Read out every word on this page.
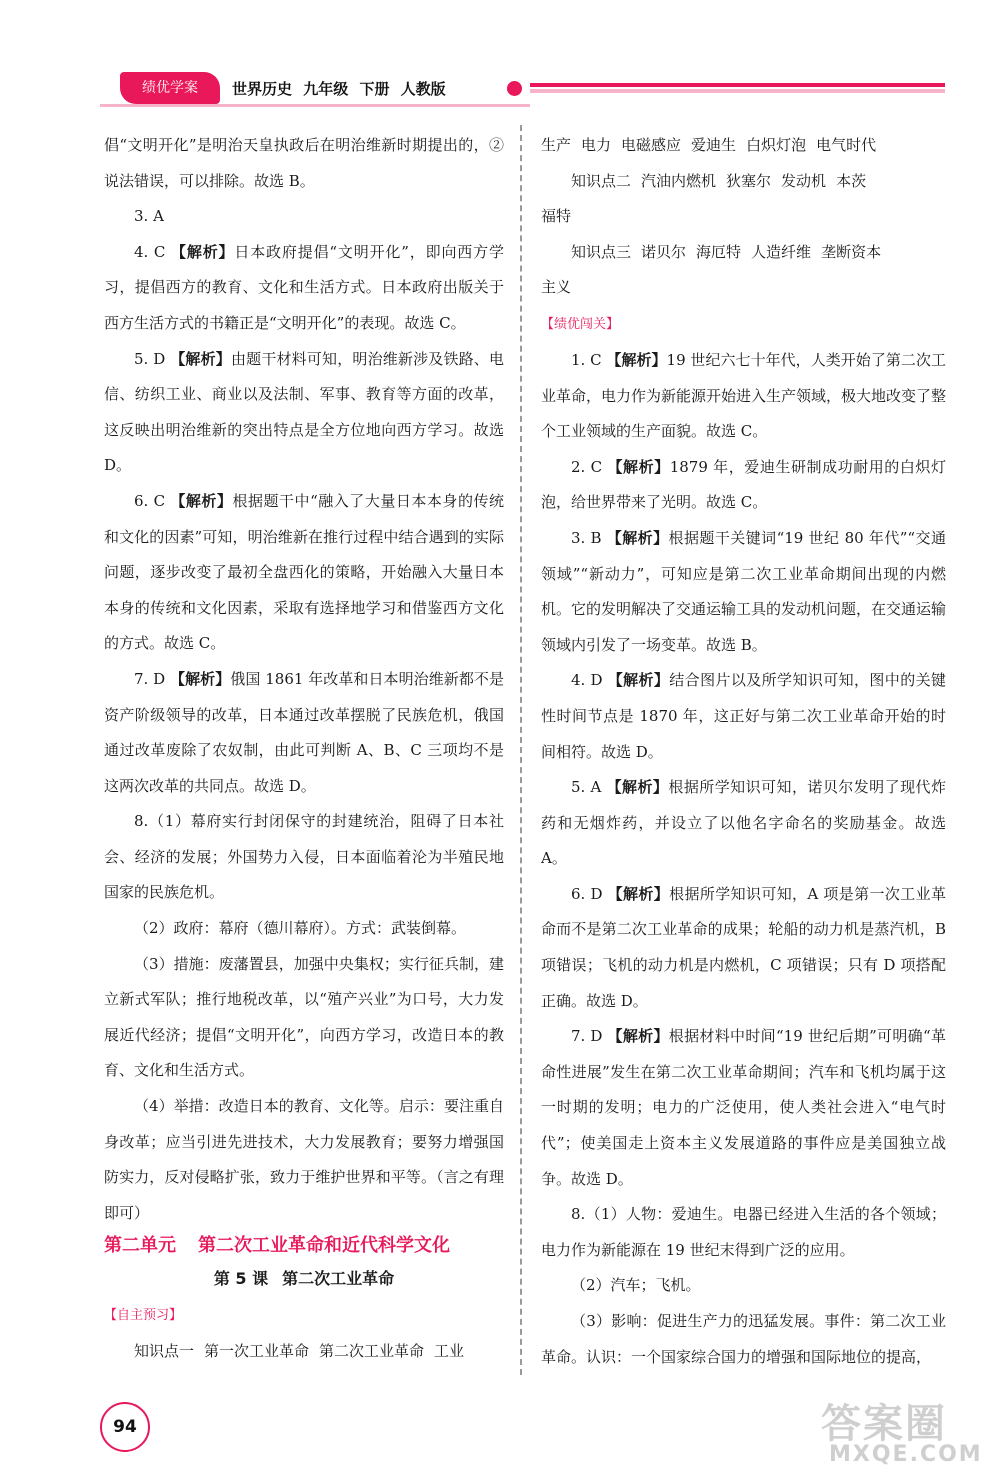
绩优学案	世界历史 九年级 下册 人教版

倡“文明开化”是明治天皇执政后在明治维新时期提出的，②说法错误，可以排除。故选 B。

3. A

4. C 【解析】日本政府提倡“文明开化”，即向西方学习，提倡西方的教育、文化和生活方式。日本政府出版关于西方生活方式的书籍正是“文明开化”的表现。故选 C。

5. D 【解析】由题干材料可知，明治维新涉及铁路、电信、纺织工业、商业以及法制、军事、教育等方面的改革，这反映出明治维新的突出特点是全方位地向西方学习。故选 D。

6. C 【解析】根据题干中“融入了大量日本本身的传统和文化的因素”可知，明治维新在推行过程中结合遇到的实际问题，逐步改变了最初全盘西化的策略，开始融入大量日本本身的传统和文化因素，采取有选择地学习和借鉴西方文化的方式。故选 C。

7. D 【解析】俄国 1861 年改革和日本明治维新都不是资产阶级领导的改革，日本通过改革摆脱了民族危机，俄国通过改革废除了农奴制，由此可判断 A、B、C 三项均不是这两次改革的共同点。故选 D。

8.（1）幕府实行封闭保守的封建统治，阻碍了日本社会、经济的发展；外国势力入侵，日本面临着沦为半殖民地国家的民族危机。

（2）政府：幕府（德川幕府）。方式：武装倒幕。

（3）措施：废藩置县，加强中央集权；实行征兵制，建立新式军队；推行地税改革，以“殖产兴业”为口号，大力发展近代经济；提倡“文明开化”，向西方学习，改造日本的教育、文化和生活方式。

（4）举措：改造日本的教育、文化等。启示：要注重自身改革；应当引进先进技术，大力发展教育；要努力增强国防实力，反对侵略扩张，致力于维护世界和平等。（言之有理即可）

第二单元 第二次工业革命和近代科学文化

第 5 课 第二次工业革命

【自主预习】

知识点一 第一次工业革命 第二次工业革命 工业

生产 电力 电磁感应 爱迪生 白炽灯泡 电气时代

知识点二 汽油内燃机 狄塞尔 发动机 本茨

福特

知识点三 诺贝尔 海厄特 人造纤维 垄断资本

主义

【绩优闯关】

1. C 【解析】19 世纪六七十年代，人类开始了第二次工业革命，电力作为新能源开始进入生产领域，极大地改变了整个工业领域的生产面貌。故选 C。

2. C 【解析】1879 年，爱迪生研制成功耐用的白炽灯泡，给世界带来了光明。故选 C。

3. B 【解析】根据题干关键词“19 世纪 80 年代”“交通领域”“新动力”，可知应是第二次工业革命期间出现的内燃机。它的发明解决了交通运输工具的发动机问题，在交通运输领域内引发了一场变革。故选 B。

4. D 【解析】结合图片以及所学知识可知，图中的关键性时间节点是 1870 年，这正好与第二次工业革命开始的时间相符。故选 D。

5. A 【解析】根据所学知识可知，诺贝尔发明了现代炸药和无烟炸药，并设立了以他名字命名的奖励基金。故选 A。

6. D 【解析】根据所学知识可知，A 项是第一次工业革命而不是第二次工业革命的成果；轮船的动力机是蒸汽机，B 项错误；飞机的动力机是内燃机，C 项错误；只有 D 项搭配正确。故选 D。

7. D 【解析】根据材料中时间“19 世纪后期”可明确“革命性进展”发生在第二次工业革命期间；汽车和飞机均属于这一时期的发明；电力的广泛使用，使人类社会进入“电气时代”；使美国走上资本主义发展道路的事件应是美国独立战争。故选 D。

8.（1）人物：爱迪生。电器已经进入生活的各个领域；电力作为新能源在 19 世纪末得到广泛的应用。

（2）汽车；飞机。

（3）影响：促进生产力的迅猛发展。事件：第二次工业革命。认识：一个国家综合国力的增强和国际地位的提高，

94	答案圈
MXQE.COM
